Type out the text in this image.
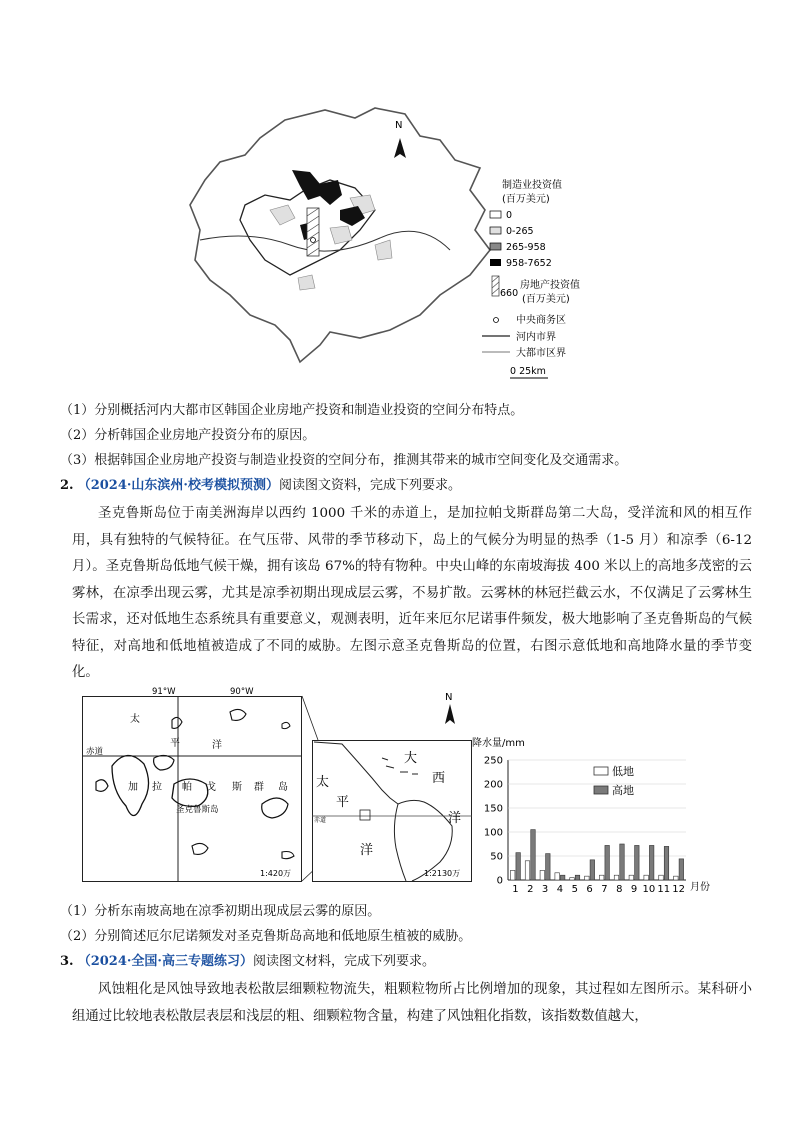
N
制造业投资值
(百万美元)
0
0-265
265-958
958-7652
660
房地产投资值
(百万美元)
中央商务区
河内市界
大都市区界
0 25km
（1）分别概括河内大都市区韩国企业房地产投资和制造业投资的空间分布特点。
（2）分析韩国企业房地产投资分布的原因。
（3）根据韩国企业房地产投资与制造业投资的空间分布，推测其带来的城市空间变化及交通需求。
2. （2024·山东滨州·校考模拟预测）阅读图文资料，完成下列要求。
圣克鲁斯岛位于南美洲海岸以西约 1000 千米的赤道上，是加拉帕戈斯群岛第二大岛，受洋流和风的相互作用，具有独特的气候特征。在气压带、风带的季节移动下，岛上的气候分为明显的热季（1-5 月）和凉季（6-12 月）。圣克鲁斯岛低地气候干燥，拥有该岛 67%的特有物种。中央山峰的东南坡海拔 400 米以上的高地多茂密的云雾林，在凉季出现云雾，尤其是凉季初期出现成层云雾，不易扩散。云雾林的林冠拦截云水，不仅满足了云雾林生长需求，还对低地生态系统具有重要意义，观测表明，近年来厄尔尼诺事件频发，极大地影响了圣克鲁斯岛的气候特征，对高地和低地植被造成了不同的威胁。左图示意圣克鲁斯岛的位置，右图示意低地和高地降水量的季节变化。
91°W	90°W
赤道
太
平	洋
加 拉 帕 戈 斯 群 岛
圣克鲁斯岛
1:420万
N
大
西
洋
太
平
洋
赤道
1:2130万
降水量/mm
月份
0
50
100
150
200
250
1 2 3 4 5 6 7 8 9 10 11 12
低地
高地
（1）分析东南坡高地在凉季初期出现成层云雾的原因。
（2）分别简述厄尔尼诺频发对圣克鲁斯岛高地和低地原生植被的威胁。
3. （2024·全国·高三专题练习）阅读图文材料，完成下列要求。
风蚀粗化是风蚀导致地表松散层细颗粒物流失，粗颗粒物所占比例增加的现象，其过程如左图所示。某科研小组通过比较地表松散层表层和浅层的粗、细颗粒物含量，构建了风蚀粗化指数，该指数数值越大，
